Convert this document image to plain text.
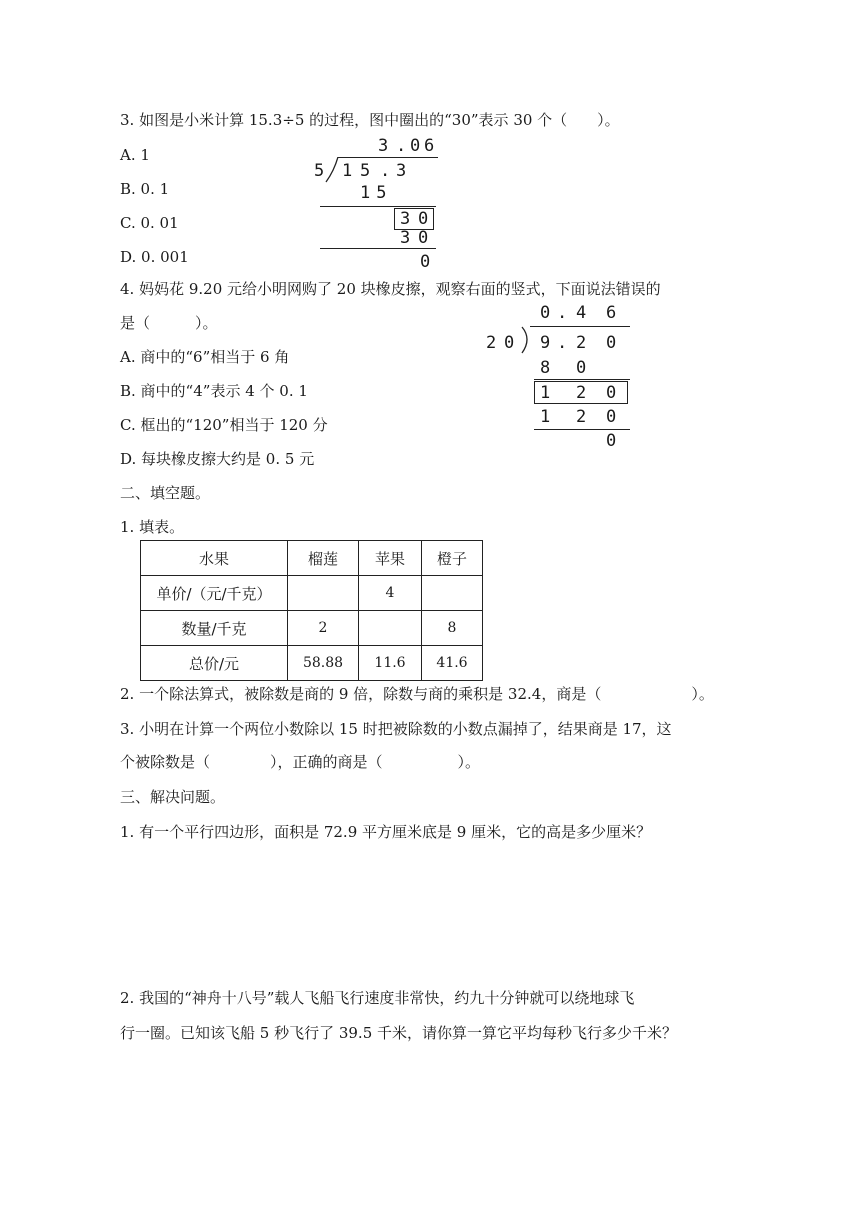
3. 如图是小米计算 15.3÷5 的过程，图中圈出的“30”表示 30 个（　　）。
A. 1
B. 0. 1
C. 0. 01
D. 0. 001
3 . 0 6
5 1 5 . 3
15
3 0
3 0
0
4. 妈妈花 9.20 元给小明网购了 20 块橡皮擦，观察右面的竖式，下面说法错误的
是（　　　）。
A. 商中的“6”相当于 6 角
B. 商中的“4”表示 4 个 0. 1
C. 框出的“120”相当于 120 分
D. 每块橡皮擦大约是 0. 5 元
0 . 4 6
2 0 9 . 2 0
8 0
1 2 0
1 2 0
0
二、填空题。
1. 填表。
水果	榴莲	苹果	橙子
单价/（元/千克）		4	
数量/千克	2		8
总价/元	58.88	11.6	41.6
2. 一个除法算式，被除数是商的 9 倍，除数与商的乘积是 32.4，商是（　　　　　　）。
3. 小明在计算一个两位小数除以 15 时把被除数的小数点漏掉了，结果商是 17，这
个被除数是（　　　　），正确的商是（　　　　　）。
三、解决问题。
1. 有一个平行四边形，面积是 72.9 平方厘米底是 9 厘米，它的高是多少厘米？
2. 我国的“神舟十八号”载人飞船飞行速度非常快，约九十分钟就可以绕地球飞
行一圈。已知该飞船 5 秒飞行了 39.5 千米，请你算一算它平均每秒飞行多少千米？
